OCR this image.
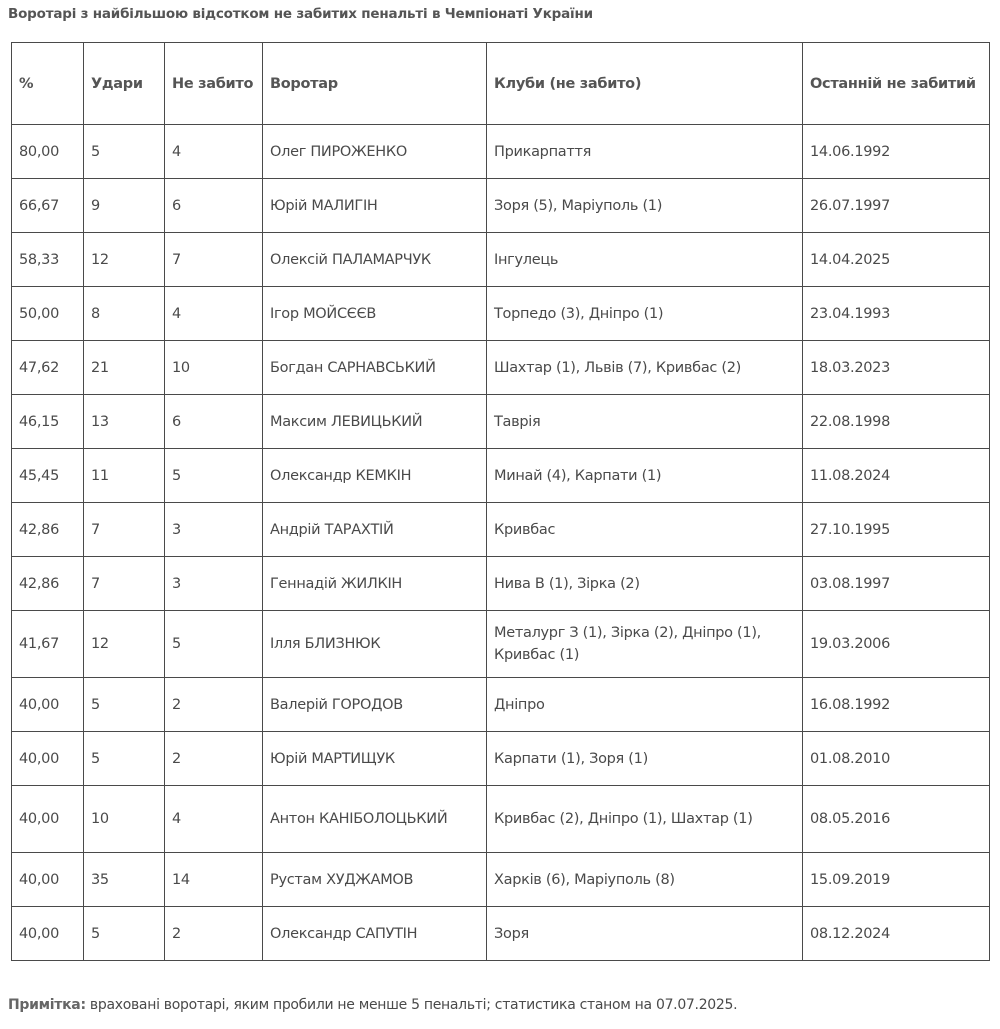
Воротарі з найбільшою відсотком не забитих пенальті в Чемпіонаті України
%	Удари	Не забито	Воротар	Клуби (не забито)	Останній не забитий
80,00	5	4	Олег ПИРОЖЕНКО	Прикарпаття	14.06.1992
66,67	9	6	Юрій МАЛИГІН	Зоря (5), Маріуполь (1)	26.07.1997
58,33	12	7	Олексій ПАЛАМАРЧУК	Інгулець	14.04.2025
50,00	8	4	Ігор МОЙСЄЄВ	Торпедо (3), Дніпро (1)	23.04.1993
47,62	21	10	Богдан САРНАВСЬКИЙ	Шахтар (1), Львів (7), Кривбас (2)	18.03.2023
46,15	13	6	Максим ЛЕВИЦЬКИЙ	Таврія	22.08.1998
45,45	11	5	Олександр КЕМКІН	Минай (4), Карпати (1)	11.08.2024
42,86	7	3	Андрій ТАРАХТІЙ	Кривбас	27.10.1995
42,86	7	3	Геннадій ЖИЛКІН	Нива В (1), Зірка (2)	03.08.1997
41,67	12	5	Ілля БЛИЗНЮК	Металург З (1), Зірка (2), Дніпро (1), Кривбас (1)	19.03.2006
40,00	5	2	Валерій ГОРОДОВ	Дніпро	16.08.1992
40,00	5	2	Юрій МАРТИЩУК	Карпати (1), Зоря (1)	01.08.2010
40,00	10	4	Антон КАНІБОЛОЦЬКИЙ	Кривбас (2), Дніпро (1), Шахтар (1)	08.05.2016
40,00	35	14	Рустам ХУДЖАМОВ	Харків (6), Маріуполь (8)	15.09.2019
40,00	5	2	Олександр САПУТІН	Зоря	08.12.2024
Примітка: враховані воротарі, яким пробили не менше 5 пенальті; статистика станом на 07.07.2025.
